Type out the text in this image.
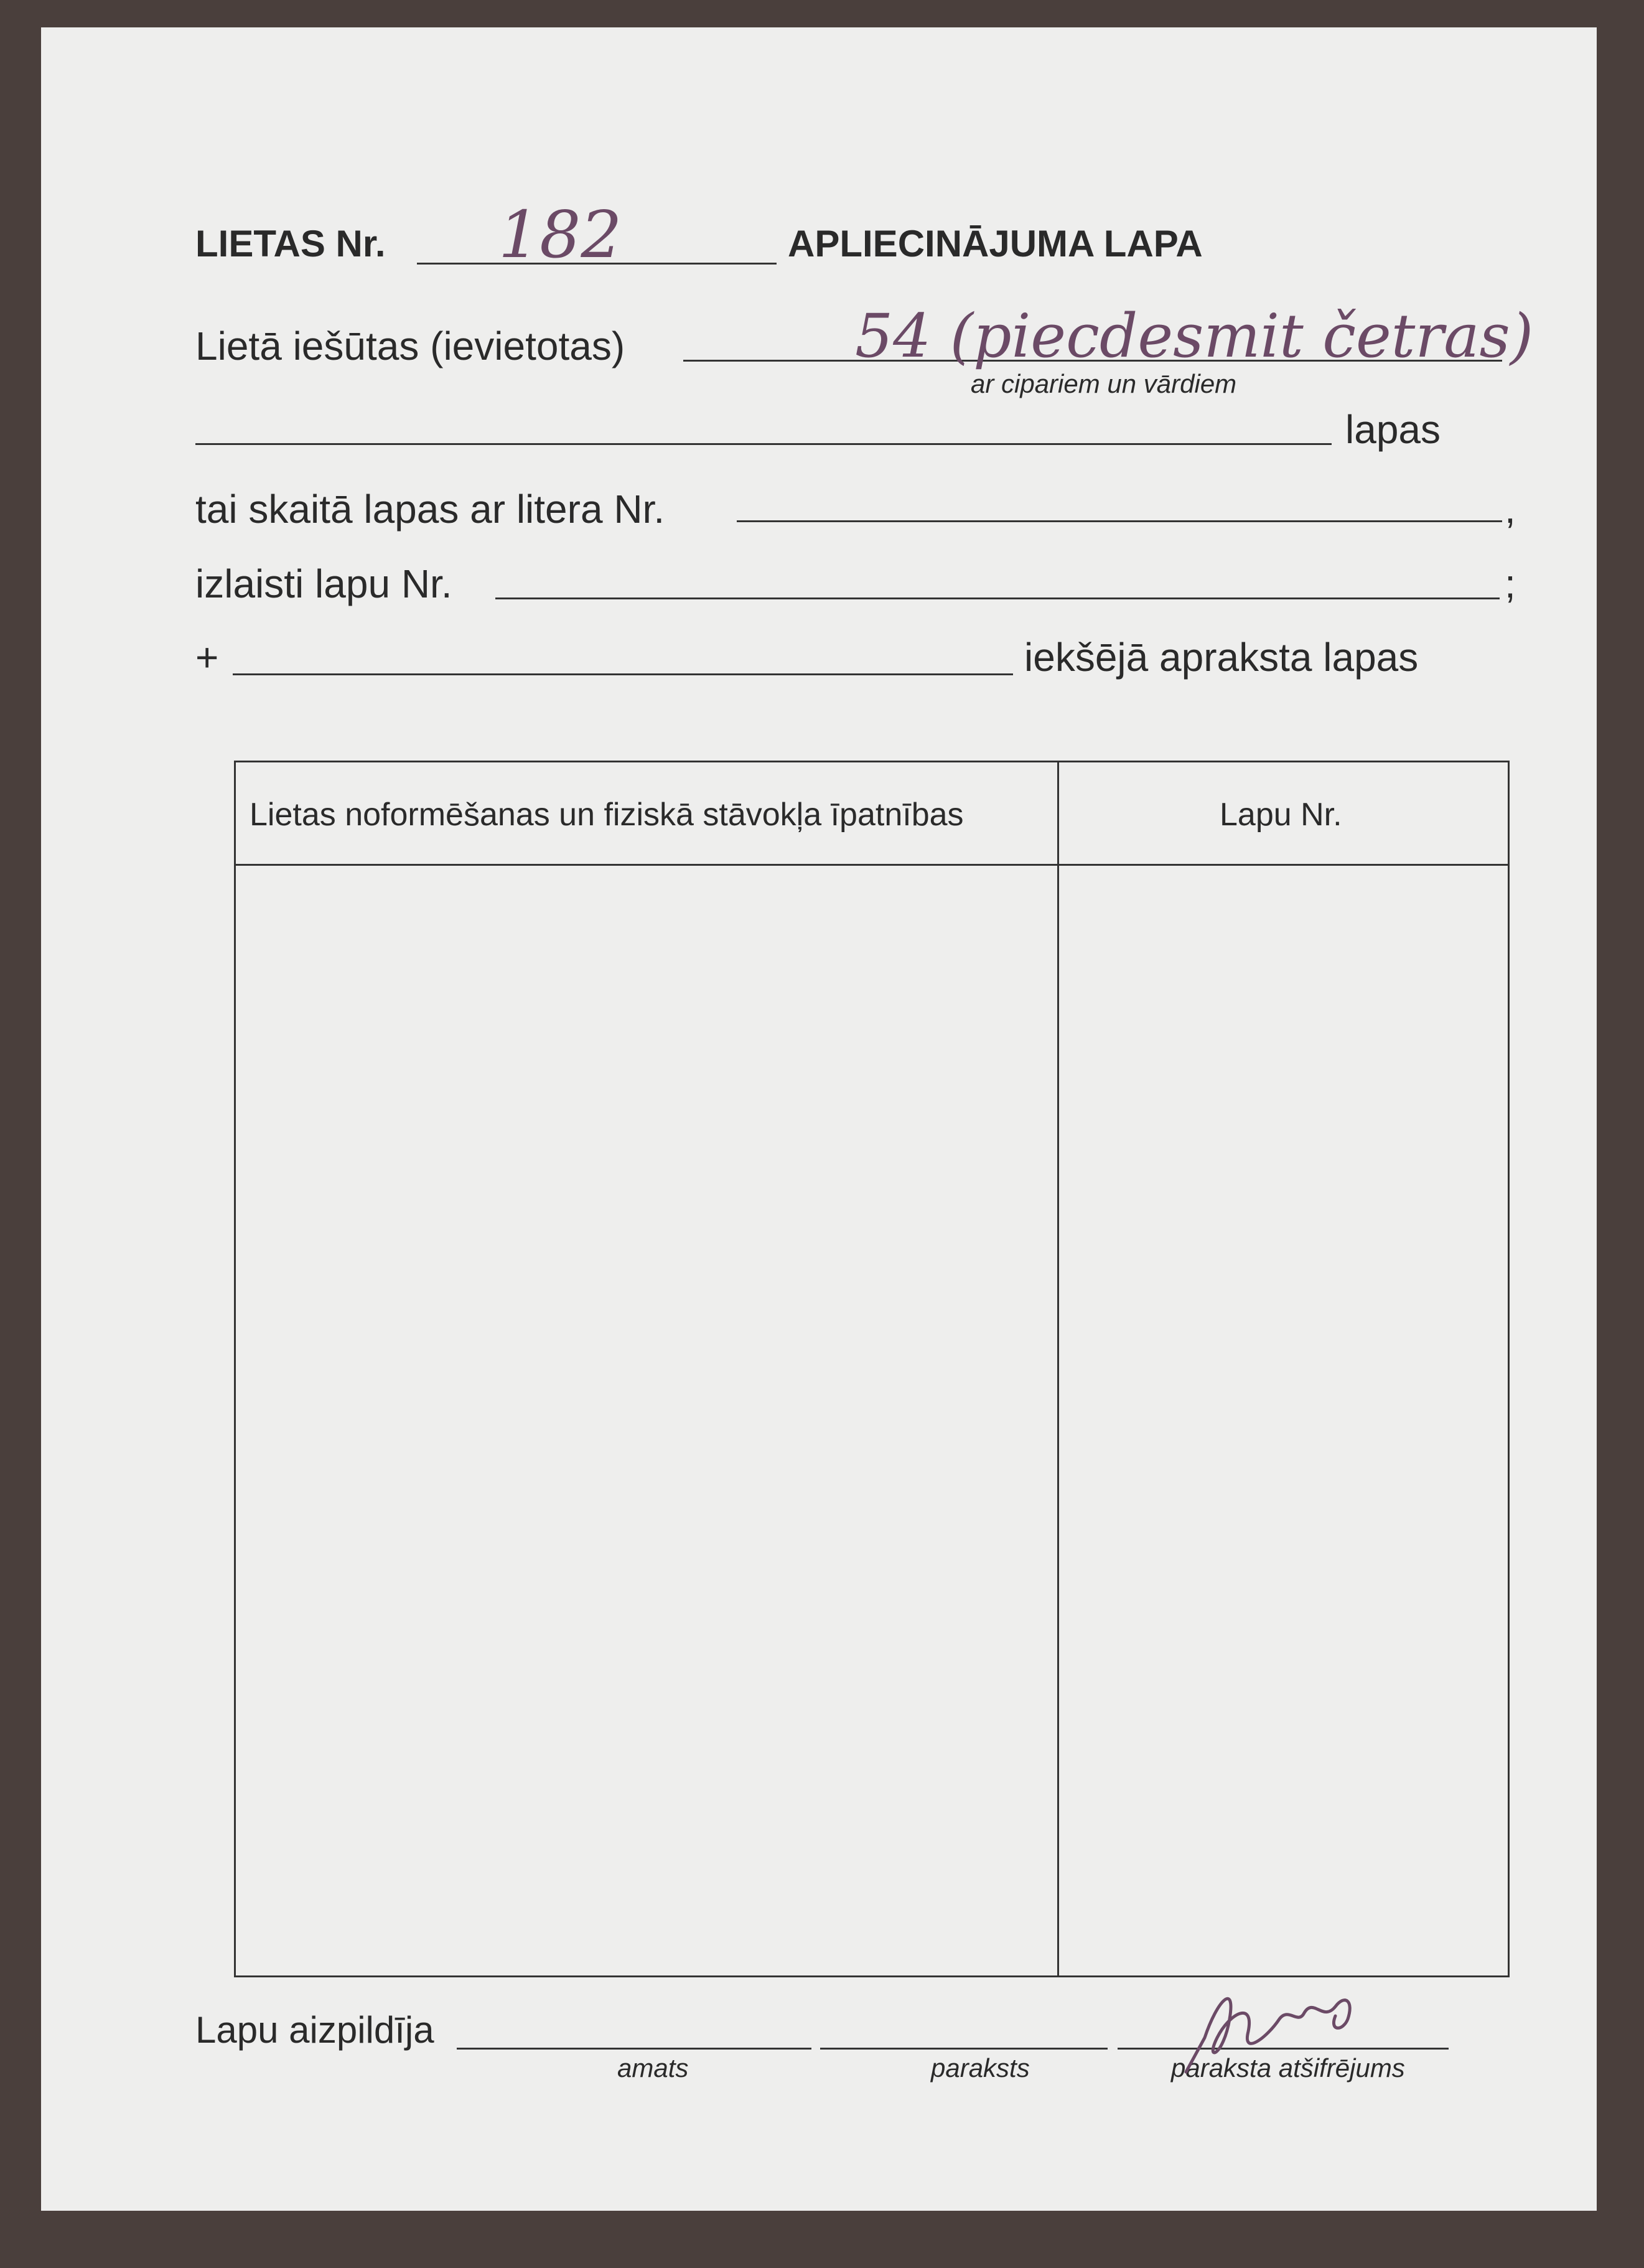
LIETAS Nr. 182	APLIECINĀJUMA LAPA
Lietā iešūtas (ievietotas)	54 (piecdesmit četras)
ar cipariem un vārdiem
lapas
tai skaitā lapas ar litera Nr.	,
izlaisti lapu Nr.	;
+	iekšējā apraksta lapas
Lietas noformēšanas un fiziskā stāvokļa īpatnības	Lapu Nr.
Lapu aizpildīja
amats	paraksts	paraksta atšifrējums
